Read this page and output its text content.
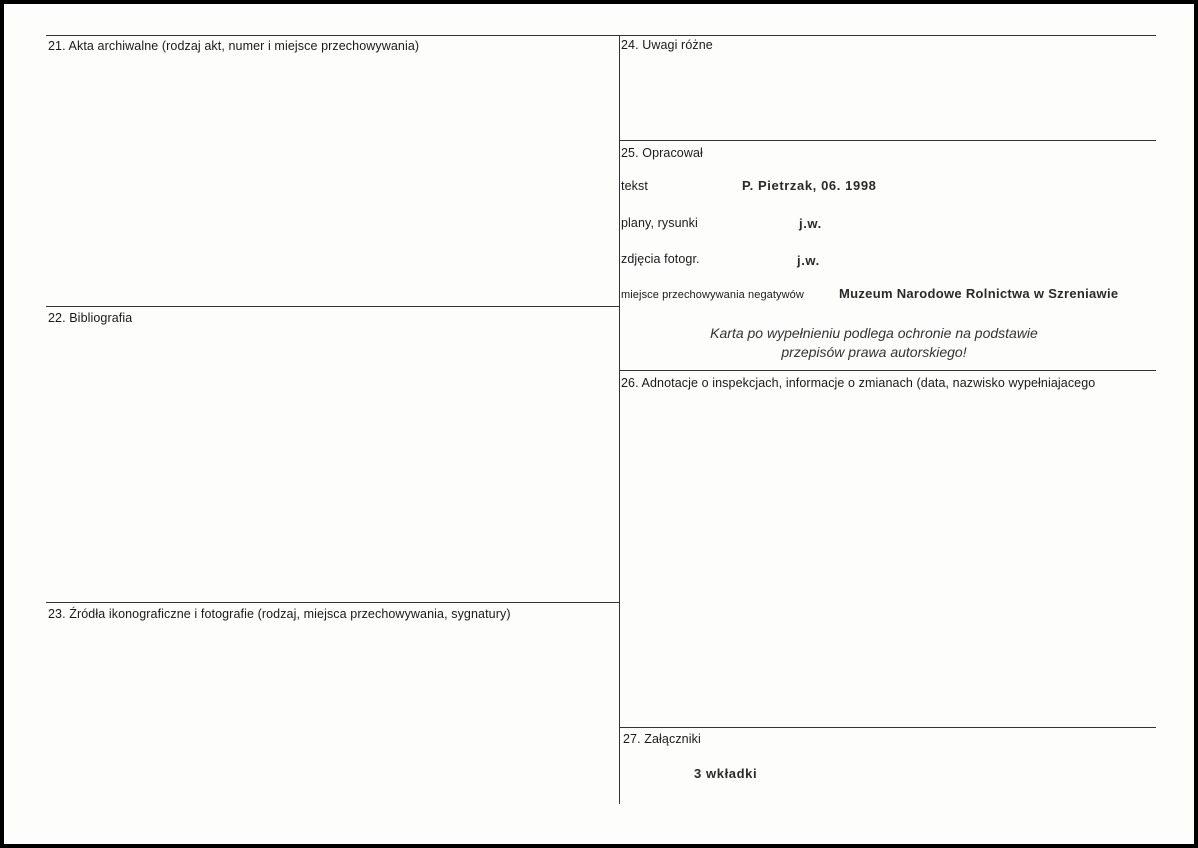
21. Akta archiwalne (rodzaj akt, numer i miejsce przechowywania)
22. Bibliografia
23. Źródła ikonograficzne i fotografie (rodzaj, miejsca przechowywania, sygnatury)
24. Uwagi różne
25. Opracował
tekst	P. Pietrzak, 06. 1998
plany, rysunki	j.w.
zdjęcia fotogr.	j.w.
miejsce przechowywania negatywów	Muzeum Narodowe Rolnictwa w Szreniawie
Karta po wypełnieniu podlega ochronie na podstawie
przepisów prawa autorskiego!
26. Adnotacje o inspekcjach, informacje o zmianach (data, nazwisko wypełniajacego
27. Załączniki
3 wkładki
